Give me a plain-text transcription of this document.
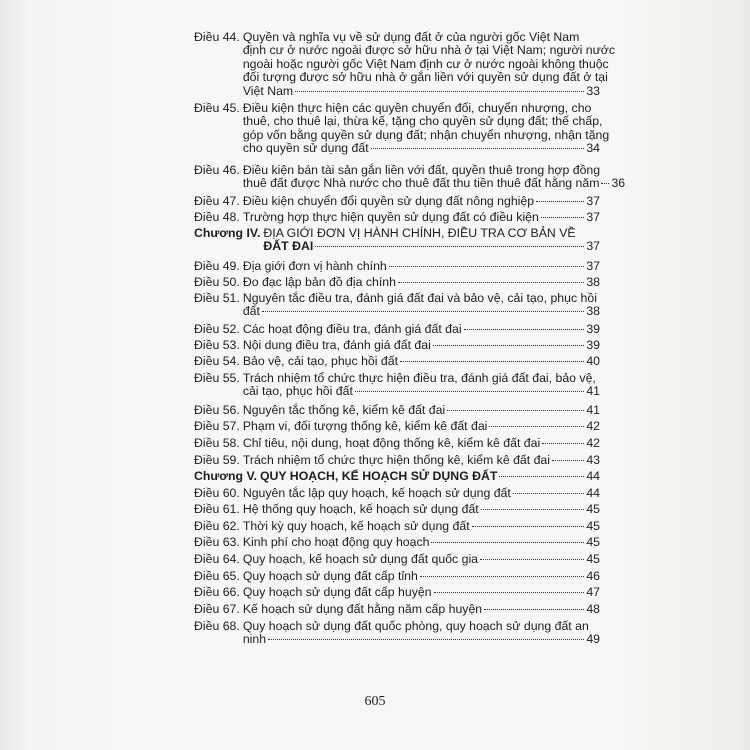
Điều 44. Quyền và nghĩa vụ về sử dụng đất ở của người gốc Việt Nam
định cư ở nước ngoài được sở hữu nhà ở tại Việt Nam; người nước
ngoài hoặc người gốc Việt Nam định cư ở nước ngoài không thuộc
đối tượng được sở hữu nhà ở gắn liền với quyền sử dụng đất ở tại
Việt Nam	33
Điều 45. Điều kiện thực hiện các quyền chuyển đổi, chuyển nhượng, cho
thuê, cho thuê lại, thừa kế, tặng cho quyền sử dụng đất; thế chấp,
góp vốn bằng quyền sử dụng đất; nhận chuyển nhượng, nhận tặng
cho quyền sử dụng đất	34
Điều 46. Điều kiện bán tài sản gắn liền với đất, quyền thuê trong hợp đồng
thuê đất được Nhà nước cho thuê đất thu tiền thuê đất hằng năm 36
Điều 47. Điều kiện chuyển đổi quyền sử dụng đất nông nghiệp	37
Điều 48. Trường hợp thực hiện quyền sử dụng đất có điều kiện	37
Chương IV. ĐỊA GIỚI ĐƠN VỊ HÀNH CHÍNH, ĐIỀU TRA CƠ BẢN VỀ
ĐẤT ĐAI	37
Điều 49. Địa giới đơn vị hành chính	37
Điều 50. Đo đạc lập bản đồ địa chính	38
Điều 51. Nguyên tắc điều tra, đánh giá đất đai và bảo vệ, cải tạo, phục hồi
đất	38
Điều 52. Các hoạt động điều tra, đánh giá đất đai	39
Điều 53. Nội dung điều tra, đánh giá đất đai	39
Điều 54. Bảo vệ, cải tạo, phục hồi đất	40
Điều 55. Trách nhiệm tổ chức thực hiện điều tra, đánh giá đất đai, bảo vệ,
cải tạo, phục hồi đất	41
Điều 56. Nguyên tắc thống kê, kiểm kê đất đai	41
Điều 57. Phạm vi, đối tượng thống kê, kiểm kê đất đai	42
Điều 58. Chỉ tiêu, nội dung, hoạt động thống kê, kiểm kê đất đai	42
Điều 59. Trách nhiệm tổ chức thực hiện thống kê, kiểm kê đất đai	43
Chương V. QUY HOẠCH, KẾ HOẠCH SỬ DỤNG ĐẤT	44
Điều 60. Nguyên tắc lập quy hoạch, kế hoạch sử dụng đất	44
Điều 61. Hệ thống quy hoạch, kế hoạch sử dụng đất	45
Điều 62. Thời kỳ quy hoạch, kế hoạch sử dụng đất	45
Điều 63. Kinh phí cho hoạt động quy hoạch	45
Điều 64. Quy hoạch, kế hoạch sử dụng đất quốc gia	45
Điều 65. Quy hoạch sử dụng đất cấp tỉnh	46
Điều 66. Quy hoạch sử dụng đất cấp huyện	47
Điều 67. Kế hoạch sử dụng đất hằng năm cấp huyện	48
Điều 68. Quy hoạch sử dụng đất quốc phòng, quy hoạch sử dụng đất an
ninh	49
605
